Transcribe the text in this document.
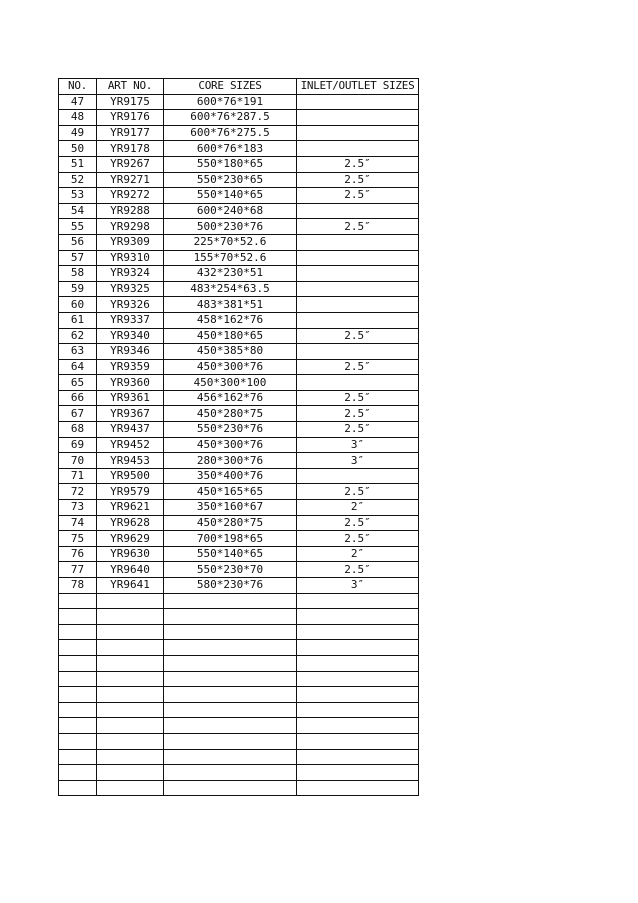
NO.	ART NO.	CORE SIZES	INLET/OUTLET SIZES
47	YR9175	600*76*191	
48	YR9176	600*76*287.5	
49	YR9177	600*76*275.5	
50	YR9178	600*76*183	
51	YR9267	550*180*65	2.5″
52	YR9271	550*230*65	2.5″
53	YR9272	550*140*65	2.5″
54	YR9288	600*240*68	
55	YR9298	500*230*76	2.5″
56	YR9309	225*70*52.6	
57	YR9310	155*70*52.6	
58	YR9324	432*230*51	
59	YR9325	483*254*63.5	
60	YR9326	483*381*51	
61	YR9337	458*162*76	
62	YR9340	450*180*65	2.5″
63	YR9346	450*385*80	
64	YR9359	450*300*76	2.5″
65	YR9360	450*300*100	
66	YR9361	456*162*76	2.5″
67	YR9367	450*280*75	2.5″
68	YR9437	550*230*76	2.5″
69	YR9452	450*300*76	3″
70	YR9453	280*300*76	3″
71	YR9500	350*400*76	
72	YR9579	450*165*65	2.5″
73	YR9621	350*160*67	2″
74	YR9628	450*280*75	2.5″
75	YR9629	700*198*65	2.5″
76	YR9630	550*140*65	2″
77	YR9640	550*230*70	2.5″
78	YR9641	580*230*76	3″
